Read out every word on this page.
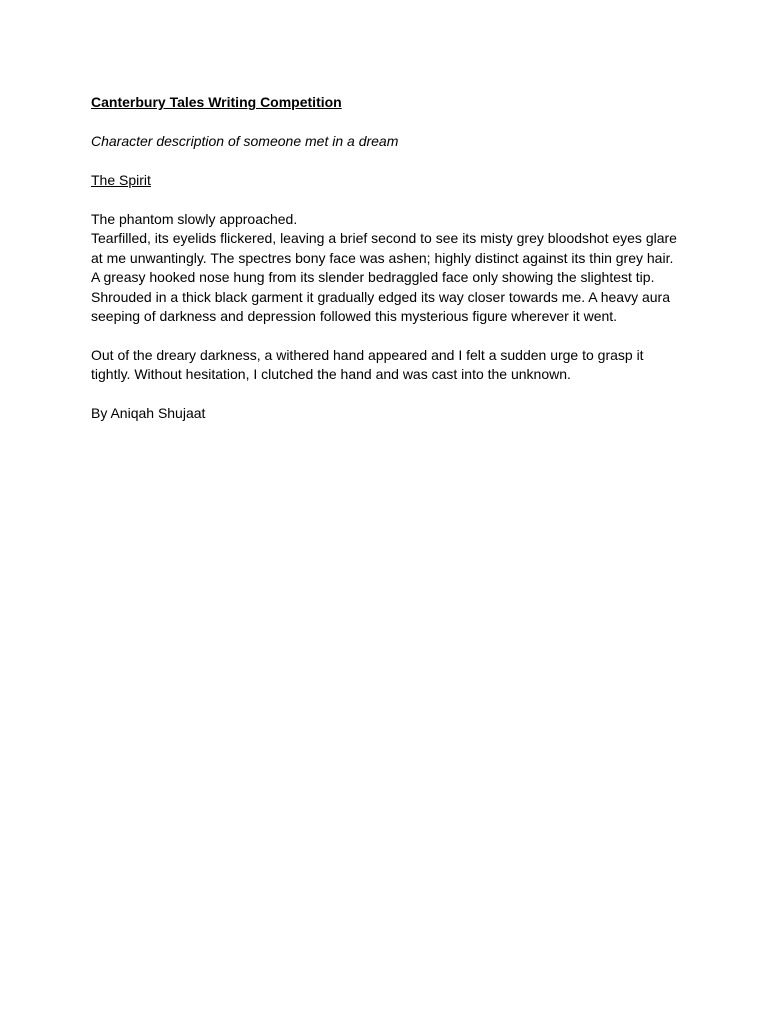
Canterbury Tales Writing Competition
Character description of someone met in a dream
The Spirit
The phantom slowly approached.
Tearfilled, its eyelids flickered, leaving a brief second to see its misty grey bloodshot eyes glare
at me unwantingly. The spectres bony face was ashen; highly distinct against its thin grey hair.
A greasy hooked nose hung from its slender bedraggled face only showing the slightest tip.
Shrouded in a thick black garment it gradually edged its way closer towards me. A heavy aura
seeping of darkness and depression followed this mysterious figure wherever it went.
Out of the dreary darkness, a withered hand appeared and I felt a sudden urge to grasp it
tightly. Without hesitation, I clutched the hand and was cast into the unknown.
By Aniqah Shujaat
